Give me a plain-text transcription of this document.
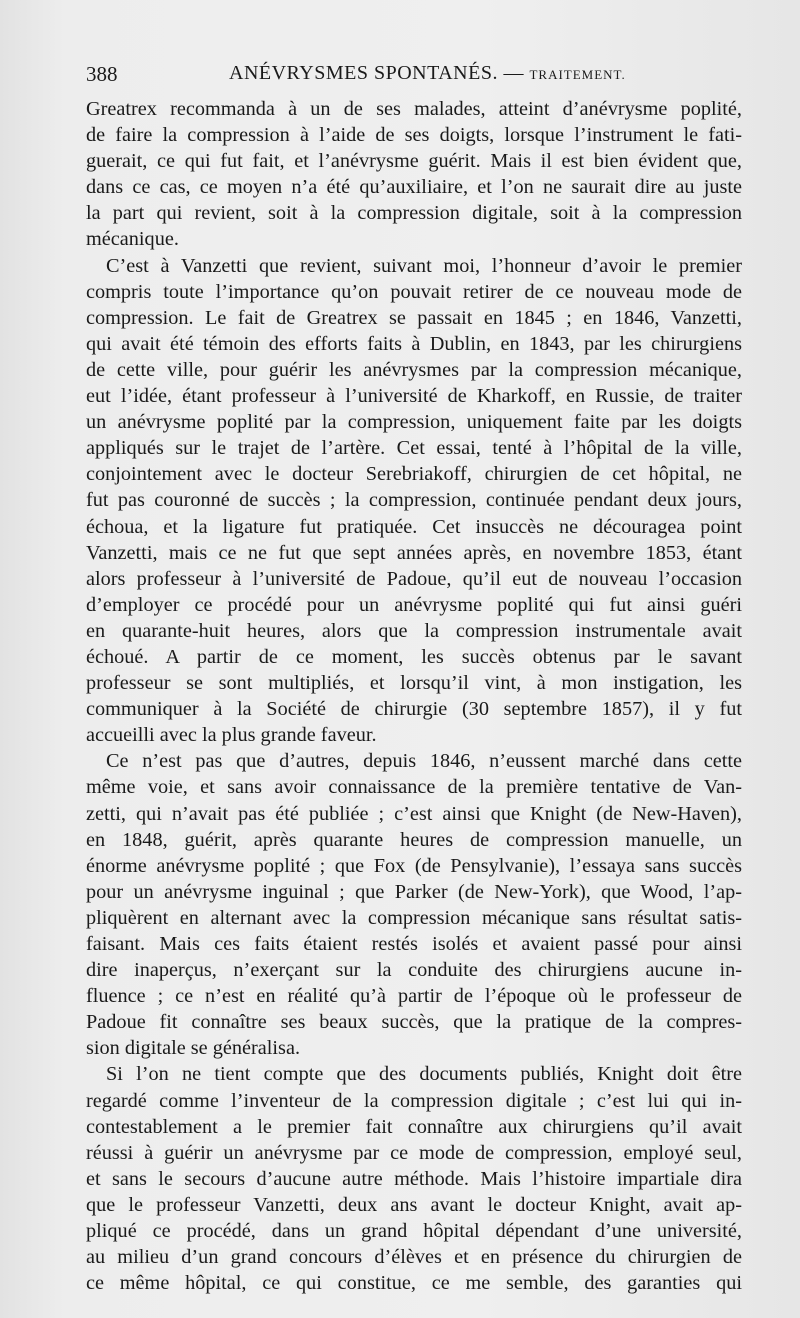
388	ANÉVRYSMES SPONTANÉS. — TRAITEMENT.

Greatrex recommanda à un de ses malades, atteint d’anévrysme poplité,

de faire la compression à l’aide de ses doigts, lorsque l’instrument le fati-

guerait, ce qui fut fait, et l’anévrysme guérit. Mais il est bien évident que,

dans ce cas, ce moyen n’a été qu’auxiliaire, et l’on ne saurait dire au juste

la part qui revient, soit à la compression digitale, soit à la compression

mécanique.

C’est à Vanzetti que revient, suivant moi, l’honneur d’avoir le premier

compris toute l’importance qu’on pouvait retirer de ce nouveau mode de

compression. Le fait de Greatrex se passait en 1845 ; en 1846, Vanzetti,

qui avait été témoin des efforts faits à Dublin, en 1843, par les chirurgiens

de cette ville, pour guérir les anévrysmes par la compression mécanique,

eut l’idée, étant professeur à l’université de Kharkoff, en Russie, de traiter

un anévrysme poplité par la compression, uniquement faite par les doigts

appliqués sur le trajet de l’artère. Cet essai, tenté à l’hôpital de la ville,

conjointement avec le docteur Serebriakoff, chirurgien de cet hôpital, ne

fut pas couronné de succès ; la compression, continuée pendant deux jours,

échoua, et la ligature fut pratiquée. Cet insuccès ne découragea point

Vanzetti, mais ce ne fut que sept années après, en novembre 1853, étant

alors professeur à l’université de Padoue, qu’il eut de nouveau l’occasion

d’employer ce procédé pour un anévrysme poplité qui fut ainsi guéri

en quarante-huit heures, alors que la compression instrumentale avait

échoué. A partir de ce moment, les succès obtenus par le savant

professeur se sont multipliés, et lorsqu’il vint, à mon instigation, les

communiquer à la Société de chirurgie (30 septembre 1857), il y fut

accueilli avec la plus grande faveur.

Ce n’est pas que d’autres, depuis 1846, n’eussent marché dans cette

même voie, et sans avoir connaissance de la première tentative de Van-

zetti, qui n’avait pas été publiée ; c’est ainsi que Knight (de New-Haven),

en 1848, guérit, après quarante heures de compression manuelle, un

énorme anévrysme poplité ; que Fox (de Pensylvanie), l’essaya sans succès

pour un anévrysme inguinal ; que Parker (de New-York), que Wood, l’ap-

pliquèrent en alternant avec la compression mécanique sans résultat satis-

faisant. Mais ces faits étaient restés isolés et avaient passé pour ainsi

dire inaperçus, n’exerçant sur la conduite des chirurgiens aucune in-

fluence ; ce n’est en réalité qu’à partir de l’époque où le professeur de

Padoue fit connaître ses beaux succès, que la pratique de la compres-

sion digitale se généralisa.

Si l’on ne tient compte que des documents publiés, Knight doit être

regardé comme l’inventeur de la compression digitale ; c’est lui qui in-

contestablement a le premier fait connaître aux chirurgiens qu’il avait

réussi à guérir un anévrysme par ce mode de compression, employé seul,

et sans le secours d’aucune autre méthode. Mais l’histoire impartiale dira

que le professeur Vanzetti, deux ans avant le docteur Knight, avait ap-

pliqué ce procédé, dans un grand hôpital dépendant d’une université,

au milieu d’un grand concours d’élèves et en présence du chirurgien de

ce même hôpital, ce qui constitue, ce me semble, des garanties qui
